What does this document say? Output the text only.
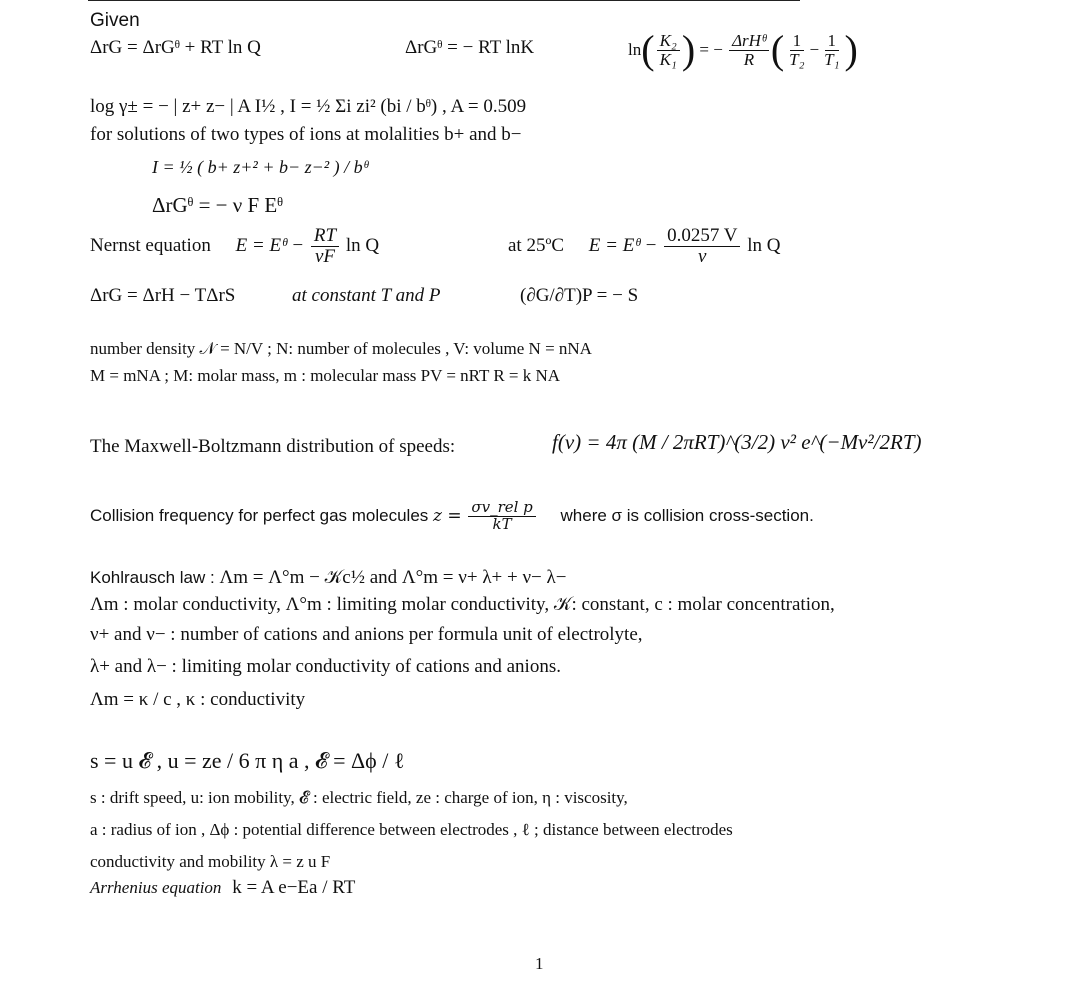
Given
ΔrG = ΔrGᶿ + RT ln Q	ΔrGᶿ = − RT lnK	$\ln( \frac{\text{K₂}}{\text{K₁}}$ ) = − $\frac{\text{ΔrHᶿ}}{R}$ ( $\frac{1}{\text{T₂}} - \frac{1}{\text{T₁}}$ )
log γ± = − | z+ z− | A I½ , I = ½ Σi zi² (bi / bᶿ) , A = 0.509
for solutions of two types of ions at molalities b+ and b−
I = ½ ( b+ z+² + b− z−² ) / bᶿ
ΔrGᶿ = − ν F Eᶿ
Nernst equation E = Eᶿ − $\frac{RT}{\nu F}$ ln Q	at 25ºC E = Eᶿ − $\frac{0.0257 V}{\nu}$ ln Q
ΔrG = ΔrH − TΔrS	at constant T and P	(∂G/∂T)P = − S
number density 𝒩 = N/V ; N: number of molecules , V: volume N = nNA
M = mNA ; M: molar mass, m : molecular mass PV = nRT R = k NA
The Maxwell-Boltzmann distribution of speeds:	f(v) = 4π (M / 2πRT)^(3/2) v² e^(−Mv²/2RT)
Collision frequency for perfect gas molecules $z = \frac{\text{σv\_rel p}}{kT}$ where σ is collision cross-section.
Kohlrausch law : Λm = Λ°m − 𝒦c½ and Λ°m = ν+ λ+ + ν− λ−
Λm : molar conductivity, Λ°m : limiting molar conductivity, 𝒦: constant, c : molar concentration,
ν+ and ν− : number of cations and anions per formula unit of electrolyte,
λ+ and λ− : limiting molar conductivity of cations and anions.
Λm = κ / c , κ : conductivity
s = u 𝓔 , u = ze / 6 π η a , 𝓔 = Δϕ / ℓ
s : drift speed, u: ion mobility, 𝓔 : electric field, ze : charge of ion, η : viscosity,
a : radius of ion , Δϕ : potential difference between electrodes , ℓ ; distance between electrodes
conductivity and mobility λ = z u F
Arrhenius equation k = A e−Ea / RT
1
